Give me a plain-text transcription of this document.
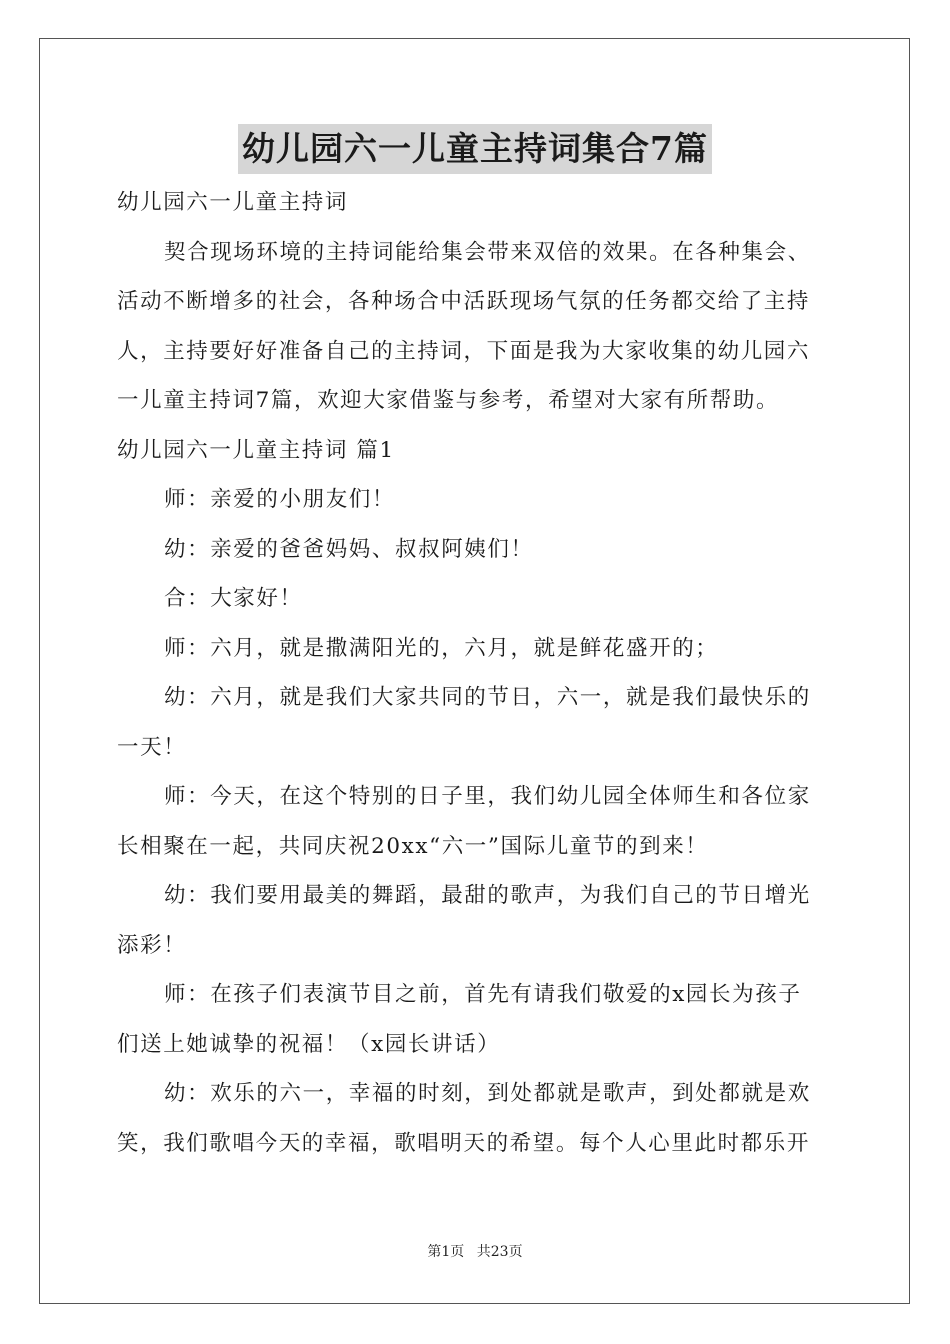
幼儿园六一儿童主持词集合7篇
幼儿园六一儿童主持词
契合现场环境的主持词能给集会带来双倍的效果。在各种集会、
活动不断增多的社会，各种场合中活跃现场气氛的任务都交给了主持
人，主持要好好准备自己的主持词，下面是我为大家收集的幼儿园六
一儿童主持词7篇，欢迎大家借鉴与参考，希望对大家有所帮助。
幼儿园六一儿童主持词 篇1
师：亲爱的小朋友们！
幼：亲爱的爸爸妈妈、叔叔阿姨们！
合：大家好！
师：六月，就是撒满阳光的，六月，就是鲜花盛开的；
幼：六月，就是我们大家共同的节日，六一，就是我们最快乐的
一天！
师：今天，在这个特别的日子里，我们幼儿园全体师生和各位家
长相聚在一起，共同庆祝20xx“六一”国际儿童节的到来！
幼：我们要用最美的舞蹈，最甜的歌声，为我们自己的节日增光
添彩！
师：在孩子们表演节目之前，首先有请我们敬爱的x园长为孩子
们送上她诚挚的祝福！（x园长讲话）
幼：欢乐的六一，幸福的时刻，到处都就是歌声，到处都就是欢
笑，我们歌唱今天的幸福，歌唱明天的希望。每个人心里此时都乐开
第1页 共23页
